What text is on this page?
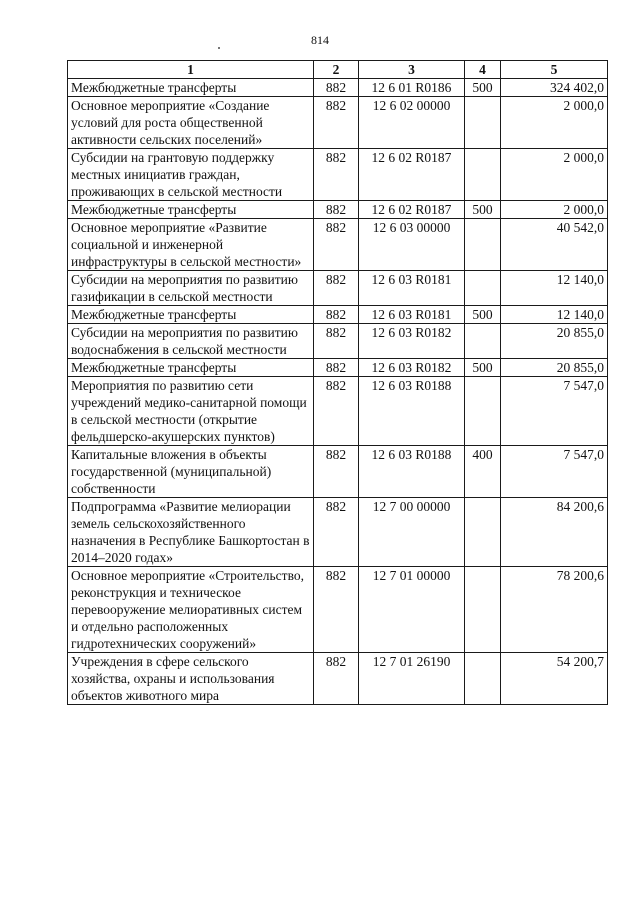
814
1	2	3	4	5
Межбюджетные трансферты	882	12 6 01 R0186	500	324 402,0
Основное мероприятие «Создание условий для роста общественной активности сельских поселений»	882	12 6 02 00000		2 000,0
Субсидии на грантовую поддержку местных инициатив граждан, проживающих в сельской местности	882	12 6 02 R0187		2 000,0
Межбюджетные трансферты	882	12 6 02 R0187	500	2 000,0
Основное мероприятие «Развитие социальной и инженерной инфраструктуры в сельской местности»	882	12 6 03 00000		40 542,0
Субсидии на мероприятия по развитию газификации в сельской местности	882	12 6 03 R0181		12 140,0
Межбюджетные трансферты	882	12 6 03 R0181	500	12 140,0
Субсидии на мероприятия по развитию водоснабжения в сельской местности	882	12 6 03 R0182		20 855,0
Межбюджетные трансферты	882	12 6 03 R0182	500	20 855,0
Мероприятия по развитию сети учреждений медико-санитарной помощи в сельской местности (открытие фельдшерско-акушерских пунктов)	882	12 6 03 R0188		7 547,0
Капитальные вложения в объекты государственной (муниципальной) собственности	882	12 6 03 R0188	400	7 547,0
Подпрограмма «Развитие мелиорации земель сельскохозяйственного назначения в Республике Башкортостан в 2014–2020 годах»	882	12 7 00 00000		84 200,6
Основное мероприятие «Строительство, реконструкция и техническое перевооружение мелиоративных систем и отдельно расположенных гидротехнических сооружений»	882	12 7 01 00000		78 200,6
Учреждения в сфере сельского хозяйства, охраны и использования объектов животного мира	882	12 7 01 26190		54 200,7
